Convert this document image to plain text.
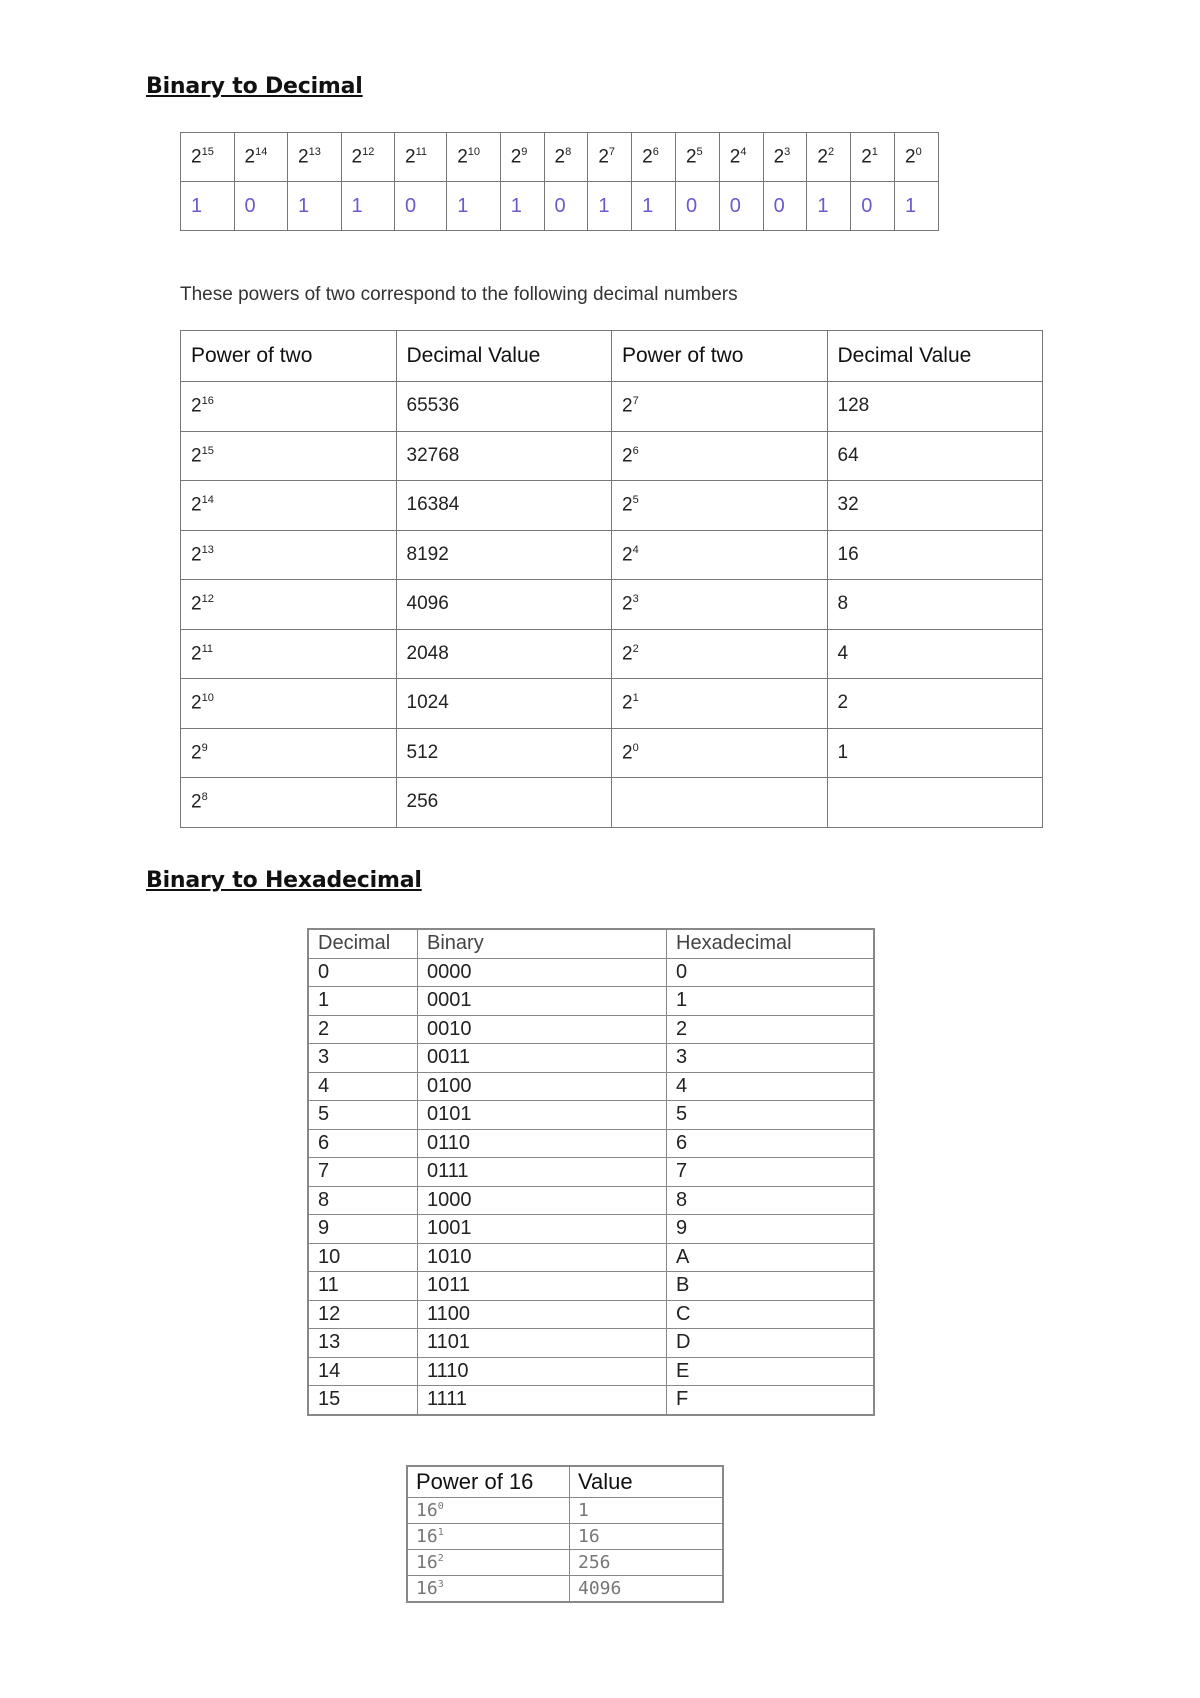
Binary to Decimal
$2^{15}$	$2^{14}$	$2^{13}$	$2^{12}$	$2^{11}$	$2^{10}$	$2^9$	$2^8$	$2^7$	$2^6$	$2^5$	$2^4$	$2^3$	$2^2$	$2^1$	$2^0$
1	0	1	1	0	1	1	0	1	1	0	0	0	1	0	1
These powers of two correspond to the following decimal numbers
Power of two	Decimal Value	Power of two	Decimal Value
$2^{16}$	65536	$2^7$	128
$2^{15}$	32768	$2^6$	64
$2^{14}$	16384	$2^5$	32
$2^{13}$	8192	$2^4$	16
$2^{12}$	4096	$2^3$	8
$2^{11}$	2048	$2^2$	4
$2^{10}$	1024	$2^1$	2
$2^9$	512	$2^0$	1
$2^8$	256		
Binary to Hexadecimal
Decimal	Binary	Hexadecimal
0	0000	0
1	0001	1
2	0010	2
3	0011	3
4	0100	4
5	0101	5
6	0110	6
7	0111	7
8	1000	8
9	1001	9
10	1010	A
11	1011	B
12	1100	C
13	1101	D
14	1110	E
15	1111	F
Power of 16	Value
$16^0$	1
$16^1$	16
$16^2$	256
$16^3$	4096
